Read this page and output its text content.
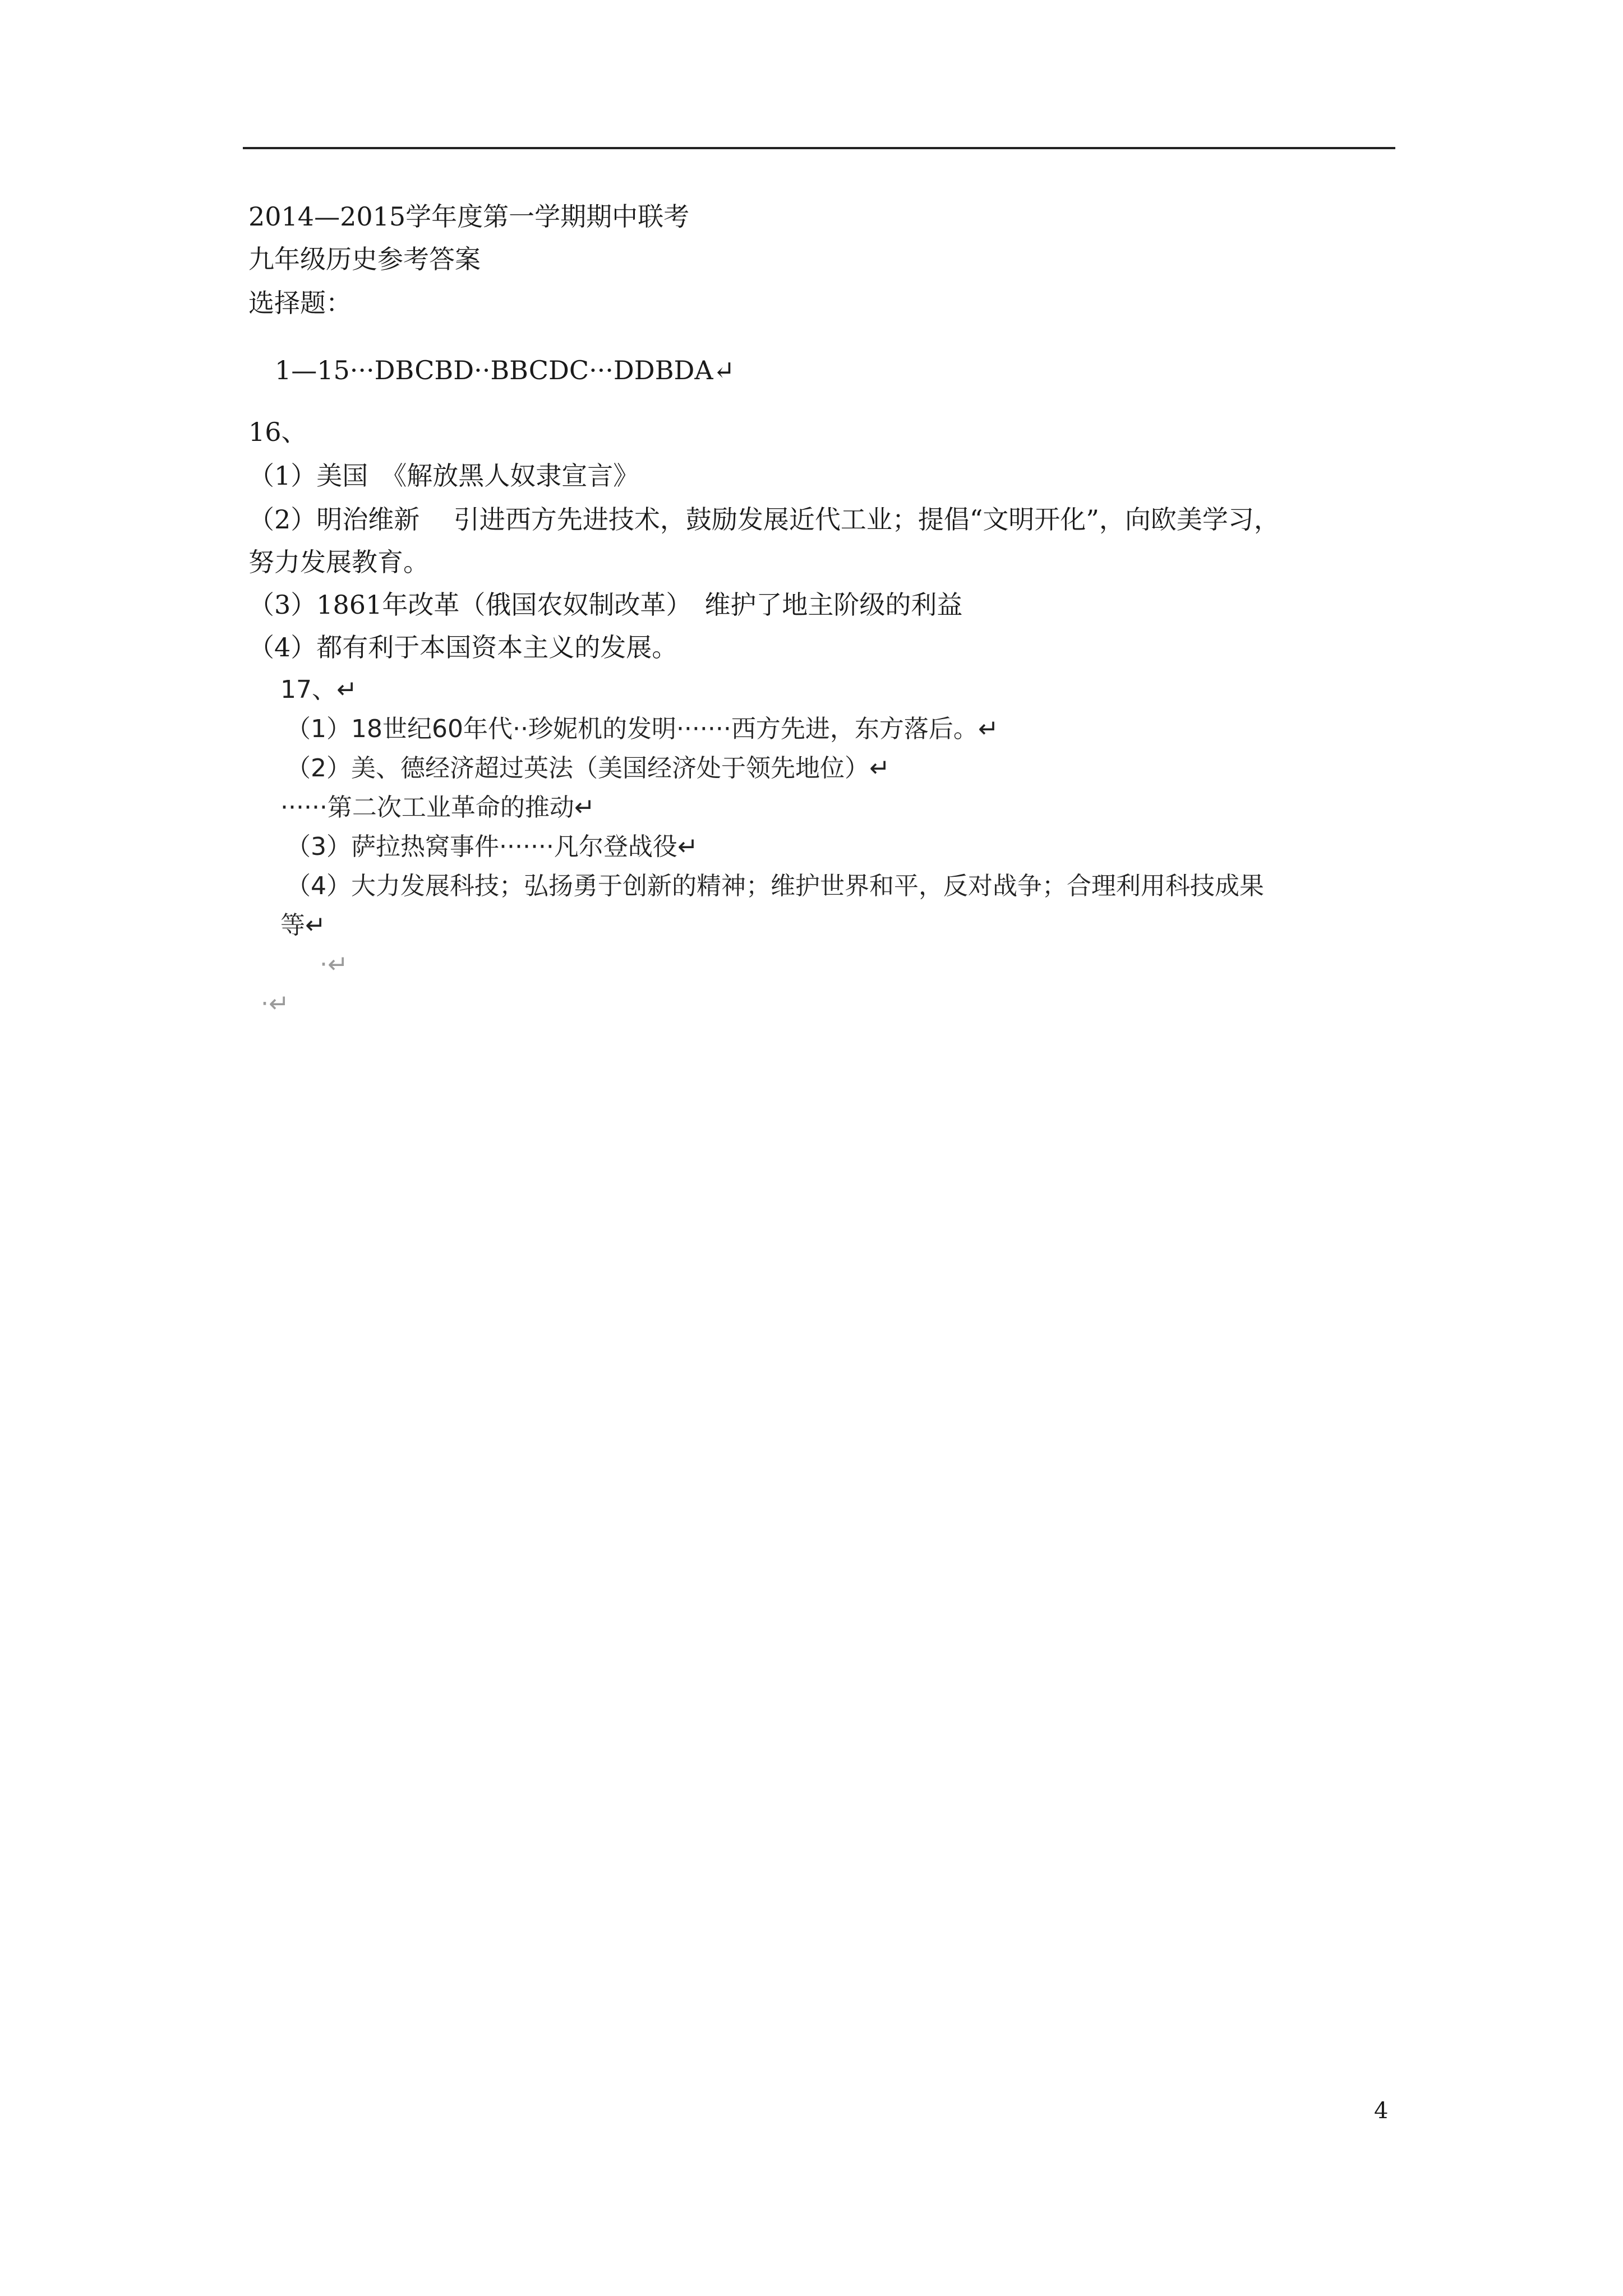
2014—2015学年度第一学期期中联考
九年级历史参考答案
选择题：
1—15···DBCBD··BBCDC···DDBDA↵
16、
（1）美国　《解放黑人奴隶宣言》
（2）明治维新　 引进西方先进技术，鼓励发展近代工业；提倡“文明开化”，向欧美学习，
努力发展教育。
（3）1861年改革（俄国农奴制改革）　维护了地主阶级的利益
（4）都有利于本国资本主义的发展。
17、↵
（1）18世纪60年代··珍妮机的发明·······西方先进，东方落后。↵
（2）美、德经济超过英法（美国经济处于领先地位）↵
······第二次工业革命的推动↵
（3）萨拉热窝事件·······凡尔登战役↵
（4）大力发展科技；弘扬勇于创新的精神；维护世界和平，反对战争；合理利用科技成果
等↵
·↵
·↵
4
